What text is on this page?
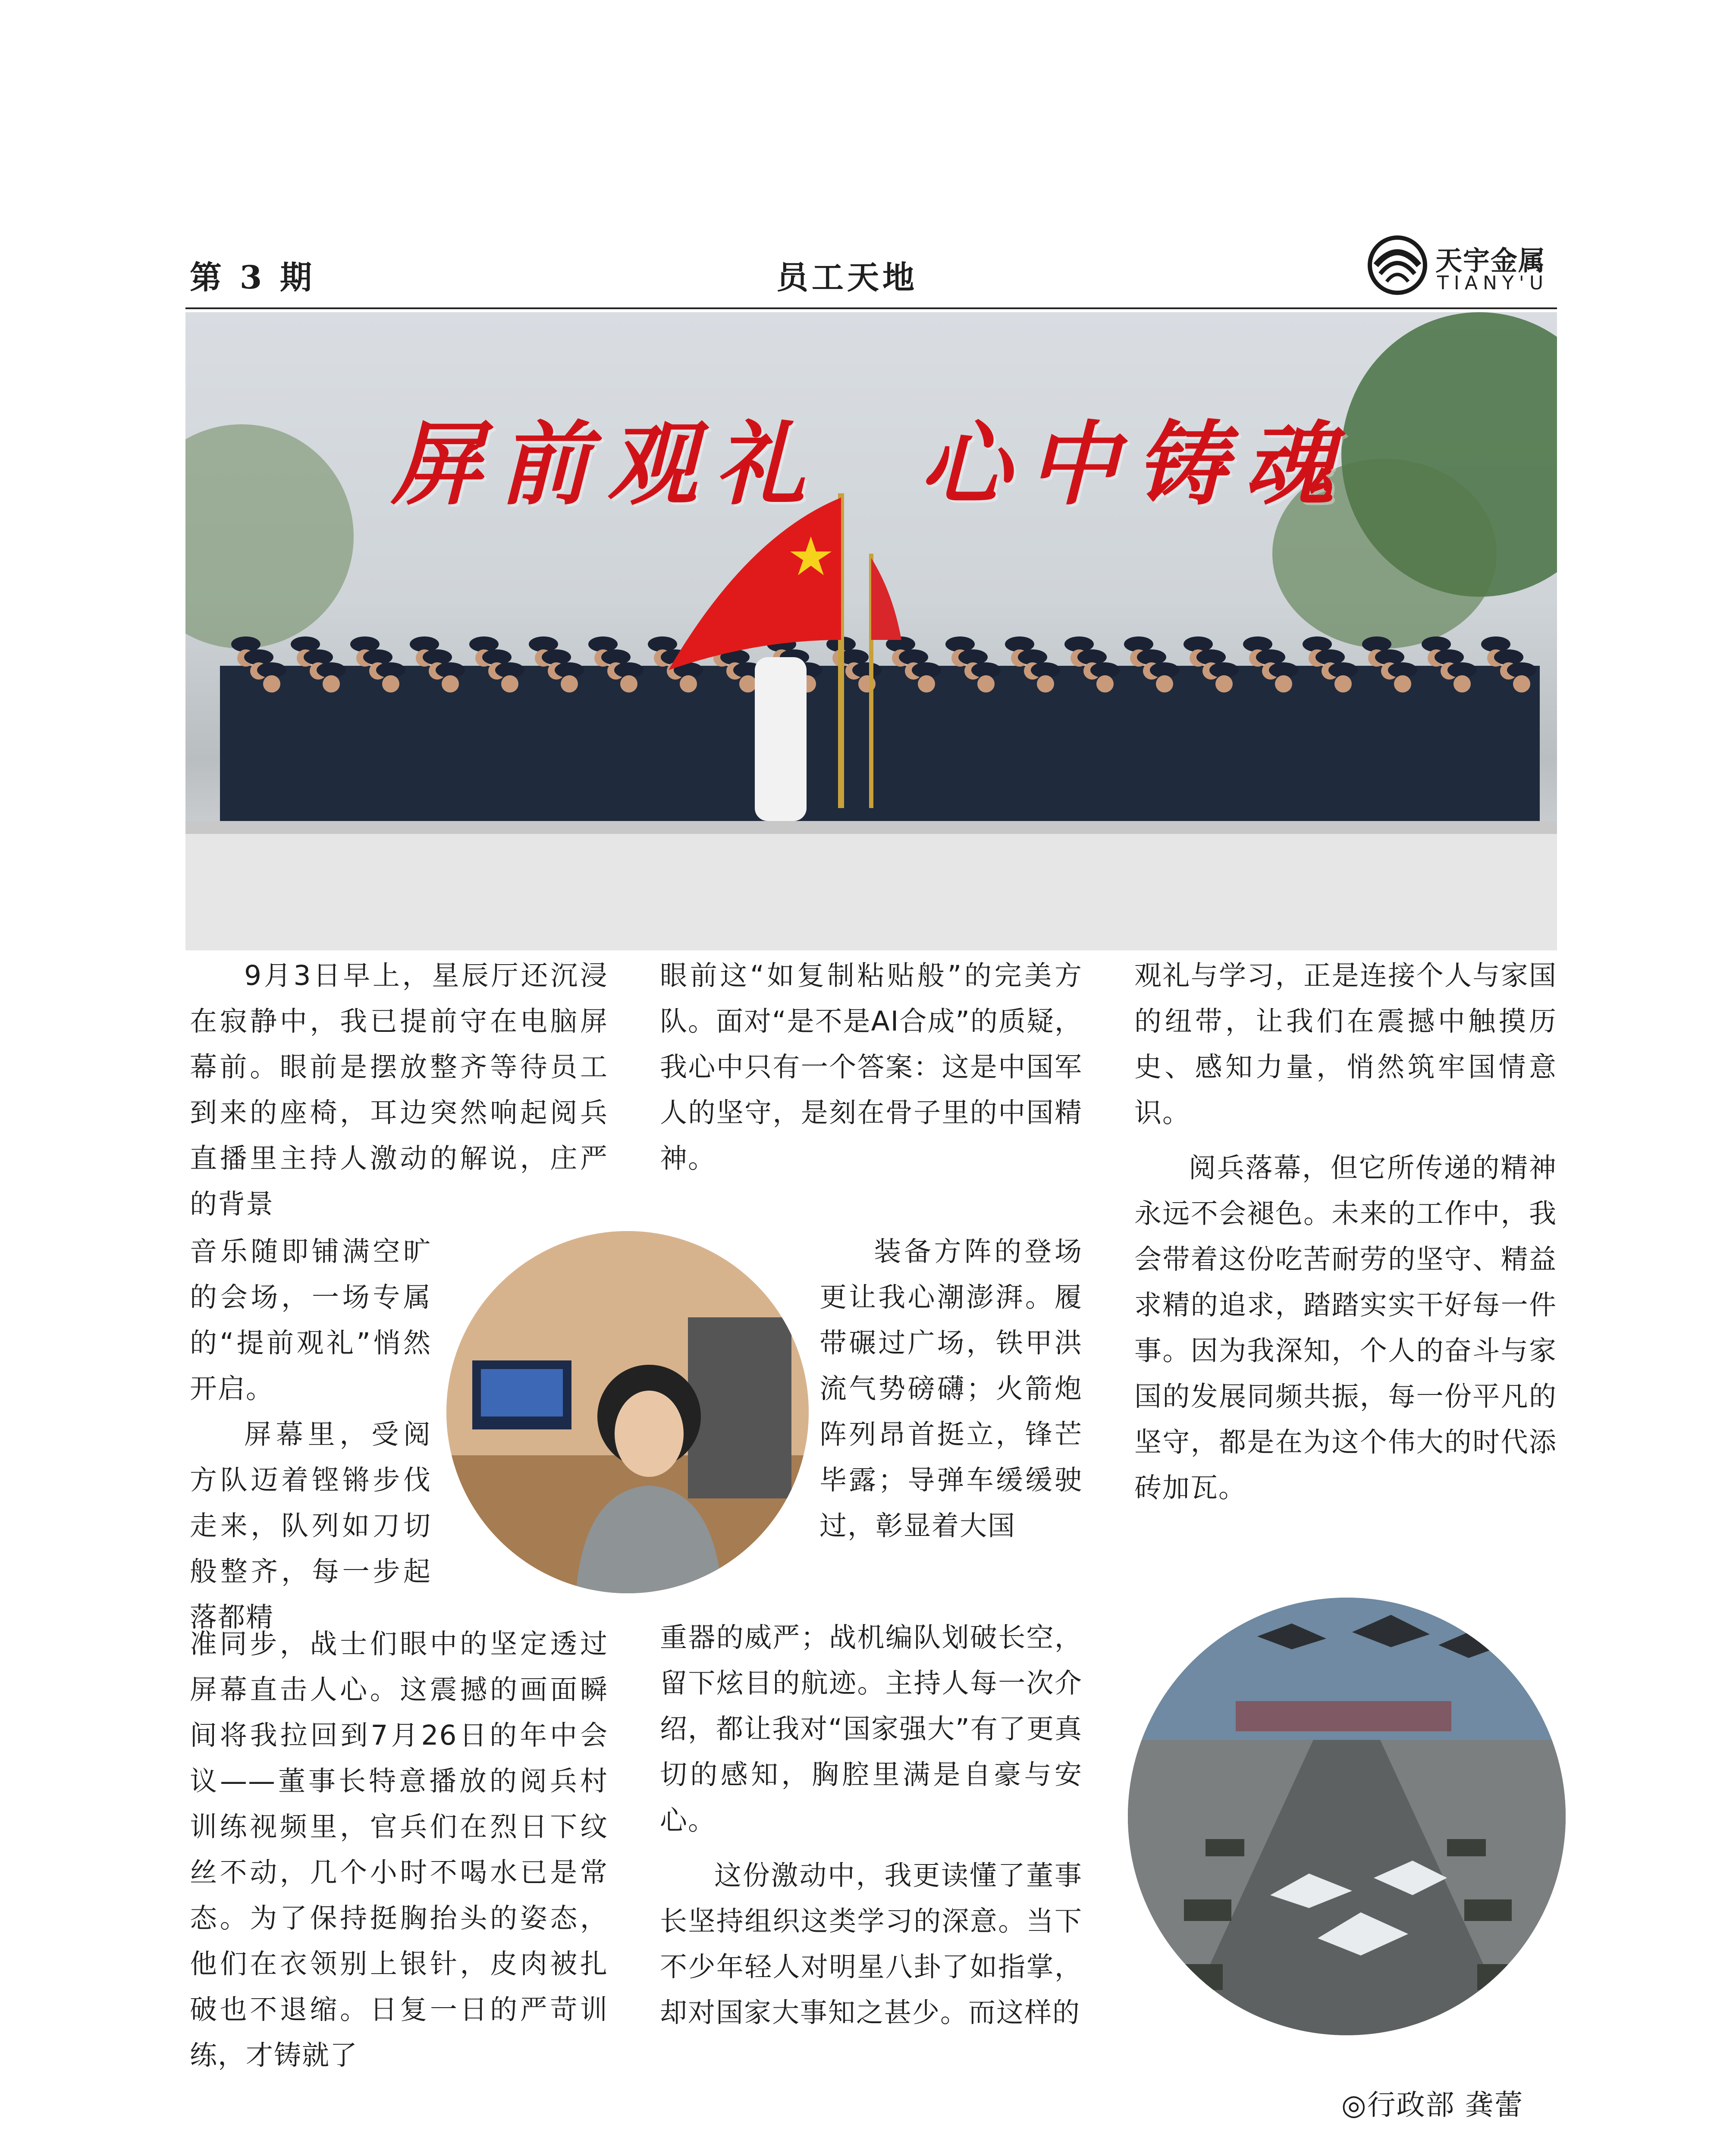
第 3 期	员工天地	天宇金属
TIANY'U
屏前观礼  心中铸魂

9月3日早上，星辰厅还沉浸在寂静中，我已提前守在电脑屏幕前。眼前是摆放整齐等待员工到来的座椅，耳边突然响起阅兵直播里主持人激动的解说，庄严的背景

音乐随即铺满空旷的会场，一场专属的“提前观礼”悄然开启。

屏幕里，受阅方队迈着铿锵步伐走来，队列如刀切般整齐，每一步起落都精

准同步，战士们眼中的坚定透过屏幕直击人心。这震撼的画面瞬间将我拉回到7月26日的年中会议——董事长特意播放的阅兵村训练视频里，官兵们在烈日下纹丝不动，几个小时不喝水已是常态。为了保持挺胸抬头的姿态，他们在衣领别上银针，皮肉被扎破也不退缩。日复一日的严苛训练，才铸就了

眼前这“如复制粘贴般”的完美方队。面对“是不是AI合成”的质疑，我心中只有一个答案：这是中国军人的坚守，是刻在骨子里的中国精神。

装备方阵的登场更让我心潮澎湃。履带碾过广场，铁甲洪流气势磅礴；火箭炮阵列昂首挺立，锋芒毕露；导弹车缓缓驶过，彰显着大国

重器的威严；战机编队划破长空，留下炫目的航迹。主持人每一次介绍，都让我对“国家强大”有了更真切的感知，胸腔里满是自豪与安心。

这份激动中，我更读懂了董事长坚持组织这类学习的深意。当下不少年轻人对明星八卦了如指掌，却对国家大事知之甚少。而这样的

观礼与学习，正是连接个人与家国的纽带，让我们在震撼中触摸历史、感知力量，悄然筑牢国情意识。

阅兵落幕，但它所传递的精神永远不会褪色。未来的工作中，我会带着这份吃苦耐劳的坚守、精益求精的追求，踏踏实实干好每一件事。因为我深知，个人的奋斗与家国的发展同频共振，每一份平凡的坚守，都是在为这个伟大的时代添砖加瓦。

◎行政部 龚蕾
